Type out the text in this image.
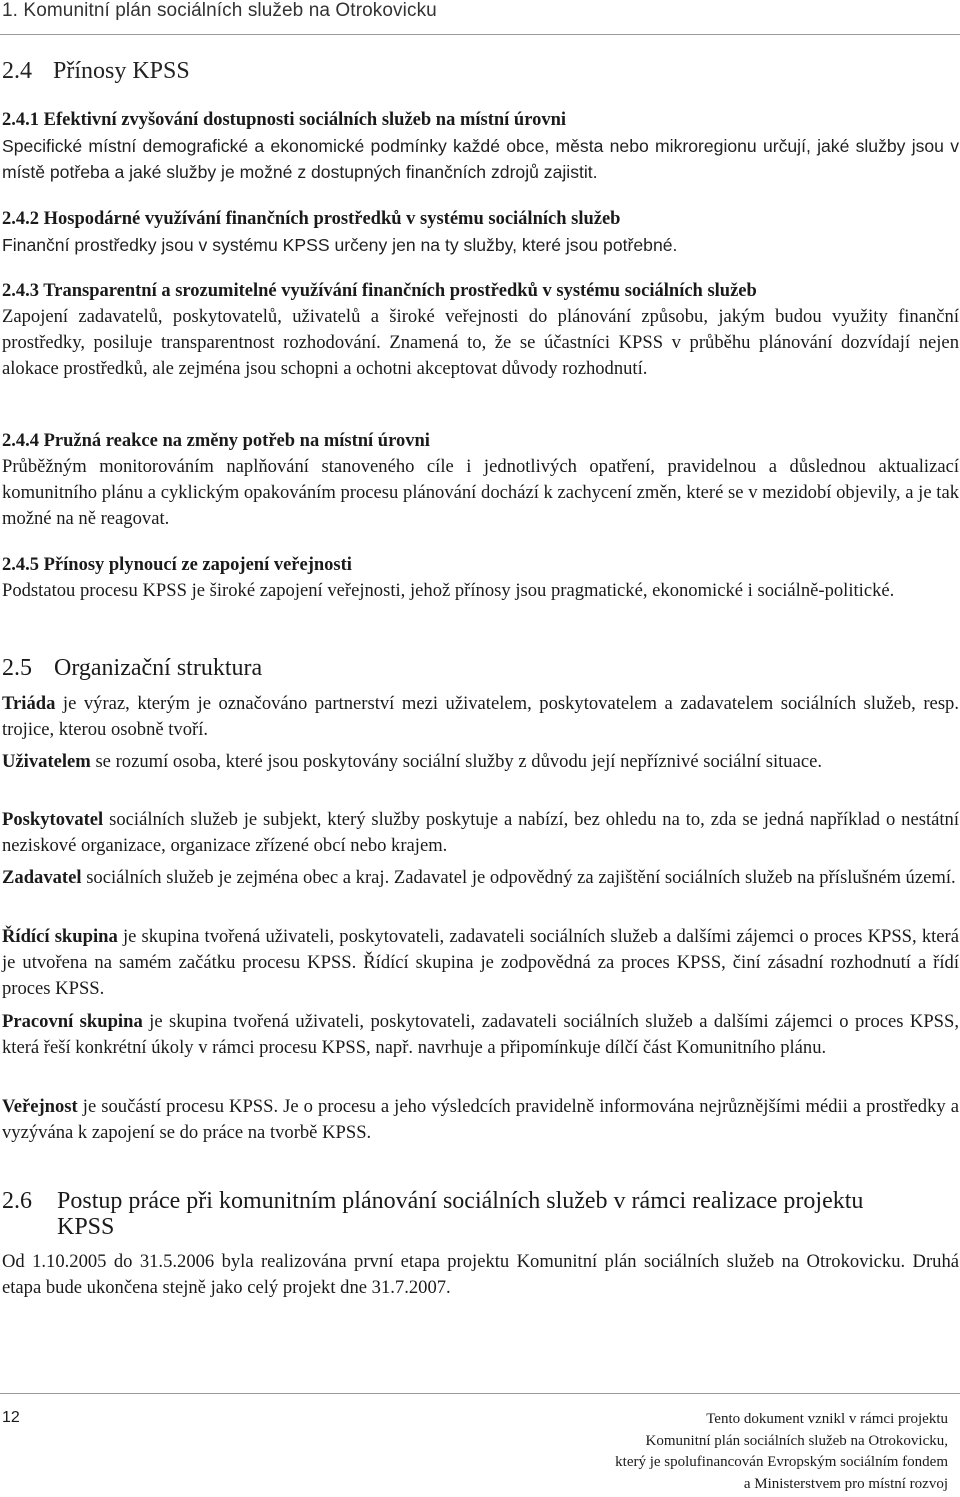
1. Komunitní plán sociálních služeb na Otrokovicku
2.4 Přínosy KPSS
2.4.1 Efektivní zvyšování dostupnosti sociálních služeb na místní úrovni

Specifické místní demografické a ekonomické podmínky každé obce, města nebo mikroregionu určují, jaké služby jsou v místě potřeba a jaké služby je možné z dostupných finančních zdrojů zajistit.

2.4.2 Hospodárné využívání finančních prostředků v systému sociálních služeb

Finanční prostředky jsou v systému KPSS určeny jen na ty služby, které jsou potřebné.

2.4.3 Transparentní a srozumitelné využívání finančních prostředků v systému sociálních služeb

Zapojení zadavatelů, poskytovatelů, uživatelů a široké veřejnosti do plánování způsobu, jakým budou využity finanční prostředky, posiluje transparentnost rozhodování. Znamená to, že se účastníci KPSS v průběhu plánování dozvídají nejen alokace prostředků, ale zejména jsou schopni a ochotni akceptovat důvody rozhodnutí.

2.4.4 Pružná reakce na změny potřeb na místní úrovni

Průběžným monitorováním naplňování stanoveného cíle i jednotlivých opatření, pravidelnou a důslednou aktualizací komunitního plánu a cyklickým opakováním procesu plánování dochází k zachycení změn, které se v mezidobí objevily, a je tak možné na ně reagovat.

2.4.5 Přínosy plynoucí ze zapojení veřejnosti

Podstatou procesu KPSS je široké zapojení veřejnosti, jehož přínosy jsou pragmatické, ekonomické i sociálně-politické.

2.5 Organizační struktura

Triáda je výraz, kterým je označováno partnerství mezi uživatelem, poskytovatelem a zadavatelem sociálních služeb, resp. trojice, kterou osobně tvoří.

Uživatelem se rozumí osoba, které jsou poskytovány sociální služby z důvodu její nepříznivé sociální situace.

Poskytovatel sociálních služeb je subjekt, který služby poskytuje a nabízí, bez ohledu na to, zda se jedná například o nestátní neziskové organizace, organizace zřízené obcí nebo krajem.

Zadavatel sociálních služeb je zejména obec a kraj. Zadavatel je odpovědný za zajištění sociálních služeb na příslušném území.

Řídící skupina je skupina tvořená uživateli, poskytovateli, zadavateli sociálních služeb a dalšími zájemci o proces KPSS, která je utvořena na samém začátku procesu KPSS. Řídící skupina je zodpovědná za proces KPSS, činí zásadní rozhodnutí a řídí proces KPSS.

Pracovní skupina je skupina tvořená uživateli, poskytovateli, zadavateli sociálních služeb a dalšími zájemci o proces KPSS, která řeší konkrétní úkoly v rámci procesu KPSS, např. navrhuje a připomínkuje dílčí část Komunitního plánu.

Veřejnost je součástí procesu KPSS. Je o procesu a jeho výsledcích pravidelně informována nejrůznějšími médii a prostředky a vyzývána k zapojení se do práce na tvorbě KPSS.

2.6 Postup práce při komunitním plánování sociálních služeb v rámci realizace projektu KPSS

Od 1.10.2005 do 31.5.2006 byla realizována první etapa projektu Komunitní plán sociálních služeb na Otrokovicku. Druhá etapa bude ukončena stejně jako celý projekt dne 31.7.2007.

12	Tento dokument vznikl v rámci projektu
Komunitní plán sociálních služeb na Otrokovicku,
který je spolufinancován Evropským sociálním fondem
a Ministerstvem pro místní rozvoj
